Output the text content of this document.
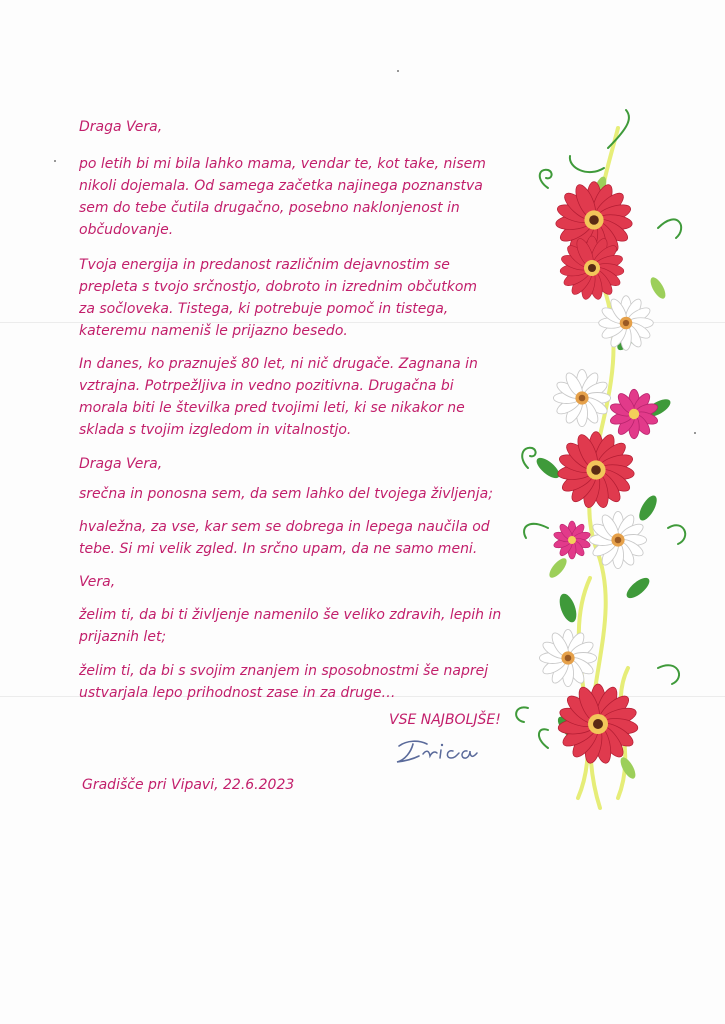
Draga Vera,

po letih bi mi bila lahko mama, vendar te, kot take, nisem
nikoli dojemala. Od samega začetka najinega poznanstva
sem do tebe čutila drugačno, posebno naklonjenost in
občudovanje.

Tvoja energija in predanost različnim dejavnostim se
prepleta s tvojo srčnostjo, dobroto in izrednim občutkom
za sočloveka. Tistega, ki potrebuje pomoč in tistega,
kateremu nameniš le prijazno besedo.

In danes, ko praznuješ 80 let, ni nič drugače. Zagnana in
vztrajna. Potrpežljiva in vedno pozitivna. Drugačna bi
morala biti le številka pred tvojimi leti, ki se nikakor ne
sklada s tvojim izgledom in vitalnostjo.

Draga Vera,

srečna in ponosna sem, da sem lahko del tvojega življenja;

hvaležna, za vse, kar sem se dobrega in lepega naučila od
tebe. Si mi velik zgled. In srčno upam, da ne samo meni.

Vera,

želim ti, da bi ti življenje namenilo še veliko zdravih, lepih in
prijaznih let;

želim ti, da bi s svojim znanjem in sposobnostmi še naprej
ustvarjala lepo prihodnost zase in za druge…

VSE NAJBOLJŠE!
Gradišče pri Vipavi, 22.6.2023
